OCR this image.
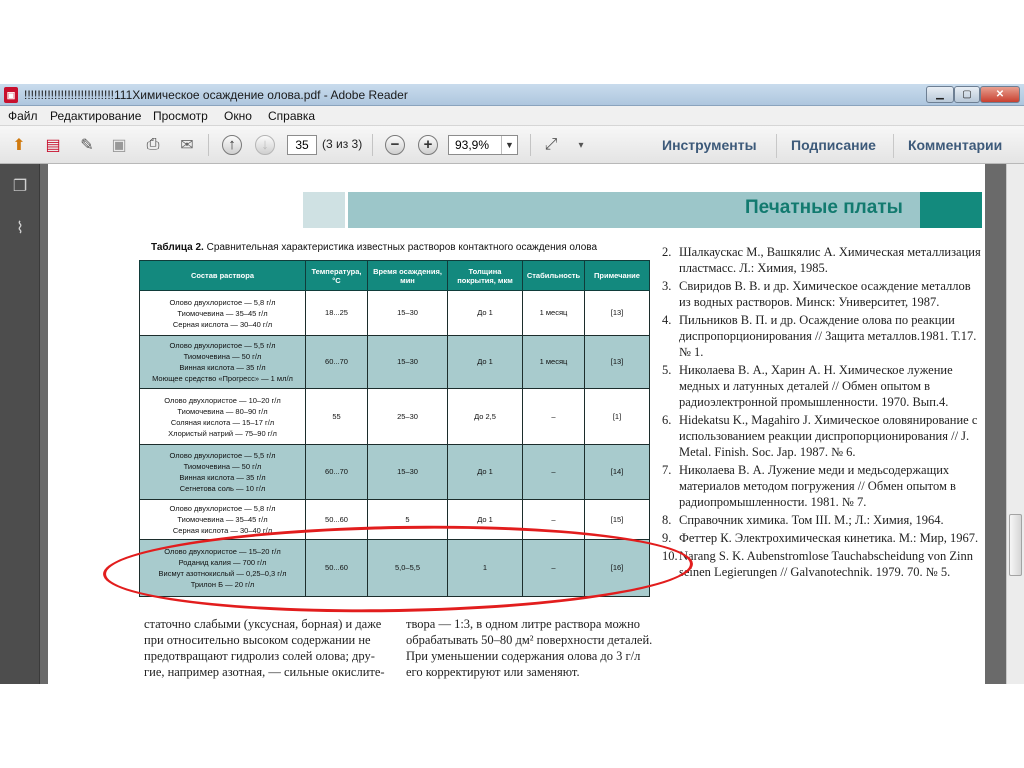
▣ !!!!!!!!!!!!!!!!!!!!!!!!!!!111Химическое осаждение олова.pdf - Adobe Reader	▁	▢	✕
Файл Редактирование Просмотр Окно Справка
⬆ ▤ ✎ ▣ ⎙ ✉	↑	↓	35	(3 из 3)	−	+	93,9%	▼ ⤢	▾	Инструменты Подписание Комментарии
❐
⌇
Печатные платы
Таблица 2. Сравнительная характеристика известных растворов контактного осаждения олова
Состав раствора	Температура, °С	Время осаждения, мин	Толщина покрытия, мкм	Стабильность	Примечание

Олово двухлористое — 5,8 г/л
Тиомочевина — 35–45 г/л
Серная кислота — 30–40 г/л	18...25	15–30	До 1	1 месяц	[13]

Олово двухлористое — 5,5 г/л
Тиомочевина — 50 г/л
Винная кислота — 35 г/л
Моющее средство «Прогресс» — 1 мл/л	60...70	15–30	До 1	1 месяц	[13]

Олово двухлористое — 10–20 г/л
Тиомочевина — 80–90 г/л
Соляная кислота — 15–17 г/л
Хлористый натрий — 75–90 г/л	55	25–30	До 2,5	–	[1]

Олово двухлористое — 5,5 г/л
Тиомочевина — 50 г/л
Винная кислота — 35 г/л
Сегнетова соль — 10 г/л	60...70	15–30	До 1	–	[14]

Олово двухлористое — 5,8 г/л
Тиомочевина — 35–45 г/л
Серная кислота — 30–40 г/л	50...60	5	До 1	–	[15]

Олово двухлористое — 15–20 г/л
Роданид калия — 700 г/л
Висмут азотнокислый — 0,25–0,3 г/л
Трилон Б — 20 г/л	50...60	5,0–5,5	1	–	[16]
2. Шалкаускас М., Вашкялис А. Химическая металлизация пластмасс. Л.: Химия, 1985.
3. Свиридов В. В. и др. Химическое осаждение металлов из водных растворов. Минск: Университет, 1987.
4. Пильников В. П. и др. Осаждение олова по реакции диспропорционирования // Защита металлов.1981. Т.17. № 1.
5. Николаева В. А., Харин А. Н. Химическое лужение медных и латунных деталей // Обмен опытом в радиоэлектронной промышленности. 1970. Вып.4.
6. Hidekatsu K., Magahiro J. Химическое оловянирование с использованием реакции диспропорционирования // J. Metal. Finish. Soc. Jap. 1987. № 6.
7. Николаева В. А. Лужение меди и медьсодержащих материалов методом погружения // Обмен опытом в радиопромышленности. 1981. № 7.
8. Справочник химика. Том III. М.; Л.: Химия, 1964.
9. Феттер К. Электрохимическая кинетика. М.: Мир, 1967.
10. Narang S. K. Aubenstromlose Tauchabscheidung von Zinn seinen Legierungen // Galvanotechnik. 1979. 70. № 5.
статочно слабыми (уксусная, борная) и даже
при относительно высоком содержании не
предотвращают гидролиз солей олова; дру-
гие, например азотная, — сильные окислите-
твора — 1:3, в одном литре раствора можно
обрабатывать 50–80 дм² поверхности деталей.
При уменьшении содержания олова до 3 г/л
его корректируют или заменяют.
